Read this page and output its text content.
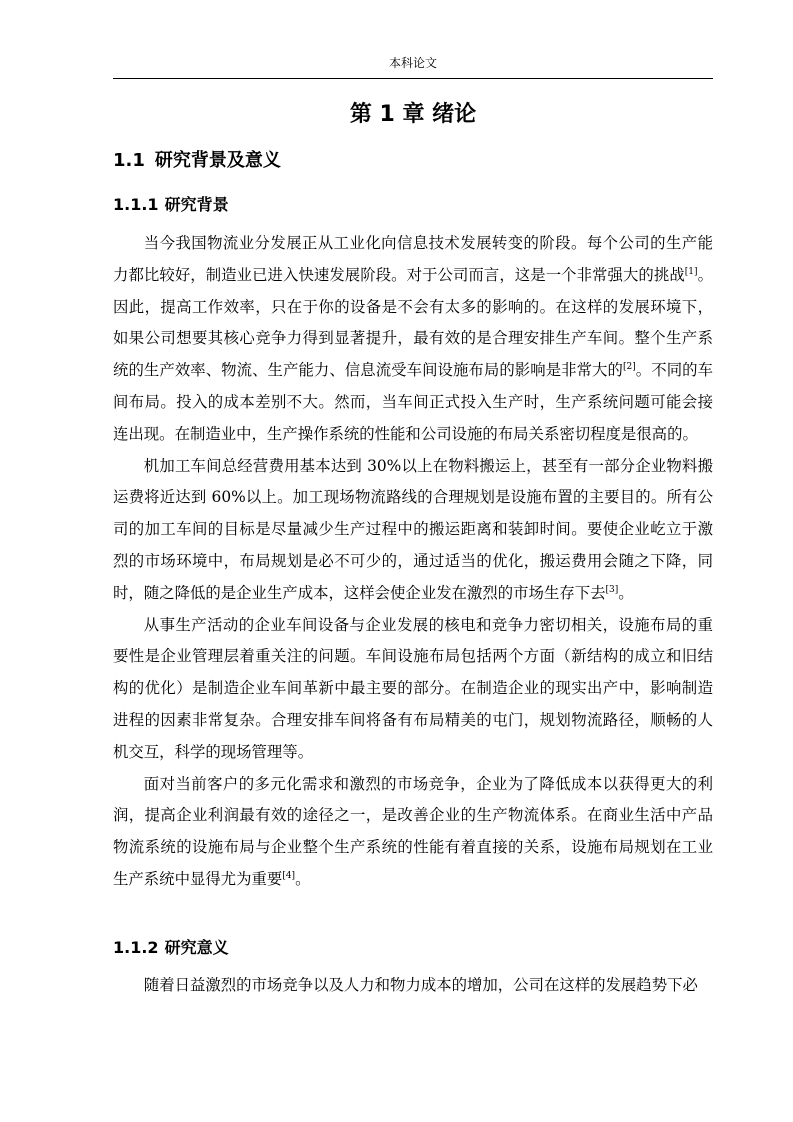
本科论文
第 1 章 绪论
1.1 研究背景及意义
1.1.1 研究背景

当今我国物流业分发展正从工业化向信息技术发展转变的阶段。每个公司的生产能力都比较好，制造业已进入快速发展阶段。对于公司而言，这是一个非常强大的挑战[1]。因此，提高工作效率，只在于你的设备是不会有太多的影响的。在这样的发展环境下，如果公司想要其核心竞争力得到显著提升，最有效的是合理安排生产车间。整个生产系统的生产效率、物流、生产能力、信息流受车间设施布局的影响是非常大的[2]。不同的车间布局。投入的成本差别不大。然而，当车间正式投入生产时，生产系统问题可能会接连出现。在制造业中，生产操作系统的性能和公司设施的布局关系密切程度是很高的。

机加工车间总经营费用基本达到 30%以上在物料搬运上，甚至有一部分企业物料搬运费将近达到 60%以上。加工现场物流路线的合理规划是设施布置的主要目的。所有公司的加工车间的目标是尽量减少生产过程中的搬运距离和装卸时间。要使企业屹立于激烈的市场环境中，布局规划是必不可少的，通过适当的优化，搬运费用会随之下降，同时，随之降低的是企业生产成本，这样会使企业发在激烈的市场生存下去[3]。

从事生产活动的企业车间设备与企业发展的核电和竞争力密切相关，设施布局的重要性是企业管理层着重关注的问题。车间设施布局包括两个方面（新结构的成立和旧结构的优化）是制造企业车间革新中最主要的部分。在制造企业的现实出产中，影响制造进程的因素非常复杂。合理安排车间将备有布局精美的屯门，规划物流路径，顺畅的人机交互，科学的现场管理等。

面对当前客户的多元化需求和激烈的市场竞争，企业为了降低成本以获得更大的利润，提高企业利润最有效的途径之一，是改善企业的生产物流体系。在商业生活中产品物流系统的设施布局与企业整个生产系统的性能有着直接的关系，设施布局规划在工业生产系统中显得尤为重要[4]。

1.1.2 研究意义

随着日益激烈的市场竞争以及人力和物力成本的增加，公司在这样的发展趋势下必
